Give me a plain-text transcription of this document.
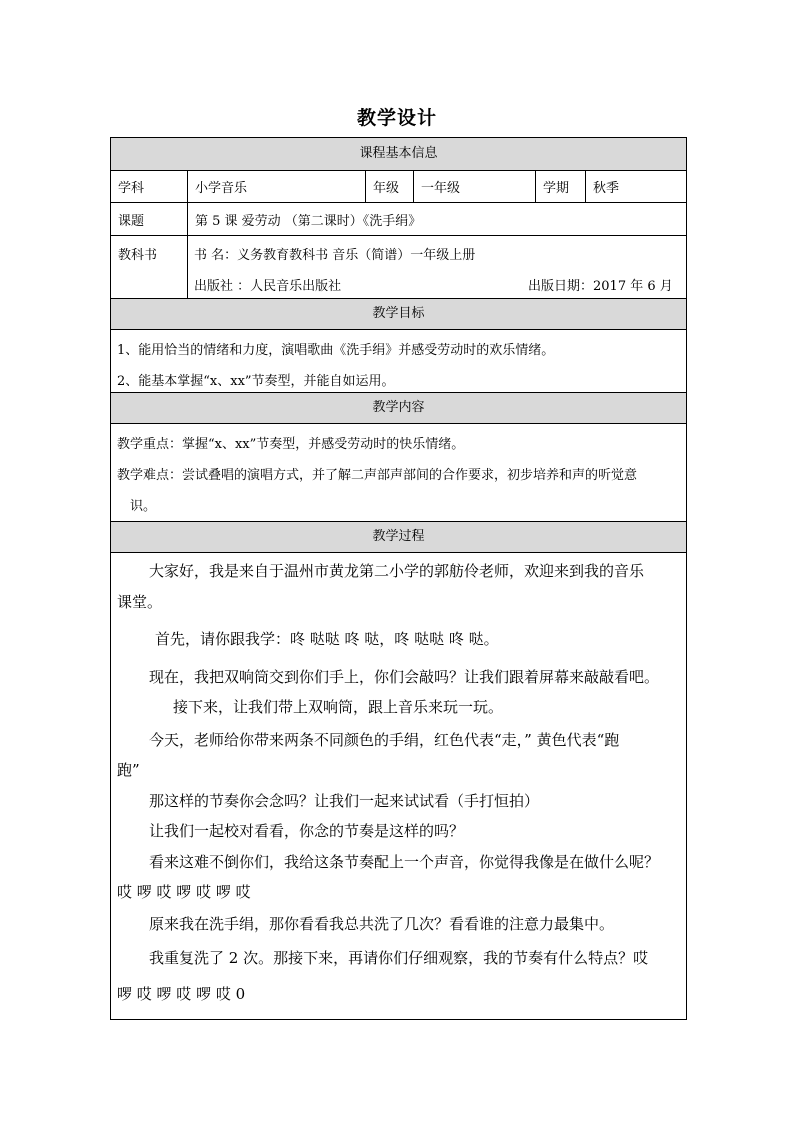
教学设计
课程基本信息
学科	小学音乐	年级	一年级	学期	秋季
课题	第 5 课 爱劳动 （第二课时）《洗手绢》
教科书	书 名：义务教育教科书 音乐（简谱）一年级上册
出版社 ：人民音乐出版社	出版日期：2017 年 6 月
教学目标
1、能用恰当的情绪和力度，演唱歌曲《洗手绢》并感受劳动时的欢乐情绪。
2、能基本掌握“x、xx”节奏型，并能自如运用。
教学内容
教学重点：掌握“x、xx”节奏型，并感受劳动时的快乐情绪。
教学难点：尝试叠唱的演唱方式，并了解二声部声部间的合作要求，初步培养和声的听觉意
识。
教学过程
大家好，我是来自于温州市黄龙第二小学的郭舫伶老师，欢迎来到我的音乐
课堂。
首先，请你跟我学：咚 哒哒 咚 哒，咚 哒哒 咚 哒。
现在，我把双响筒交到你们手上，你们会敲吗？让我们跟着屏幕来敲敲看吧。
接下来，让我们带上双响筒，跟上音乐来玩一玩。
今天，老师给你带来两条不同颜色的手绢，红色代表“走，” 黄色代表“跑
跑”
那这样的节奏你会念吗？让我们一起来试试看（手打恒拍）
让我们一起校对看看，你念的节奏是这样的吗？
看来这难不倒你们，我给这条节奏配上一个声音，你觉得我像是在做什么呢？
哎 啰 哎 啰 哎 啰 哎
原来我在洗手绢，那你看看我总共洗了几次？看看谁的注意力最集中。
我重复洗了 2 次。那接下来，再请你们仔细观察，我的节奏有什么特点？哎
啰 哎 啰 哎 啰 哎 0
